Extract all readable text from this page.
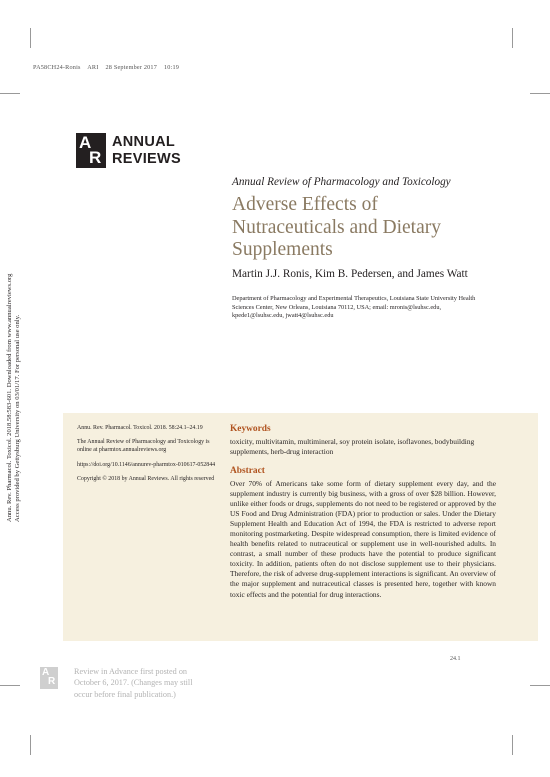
PA58CH24-Ronis    ARI    28 September 2017    10:19
A
R
ANNUAL
REVIEWS
Annual Review of Pharmacology and Toxicology
Adverse Effects of Nutraceuticals and Dietary Supplements
Martin J.J. Ronis, Kim B. Pedersen, and James Watt
Department of Pharmacology and Experimental Therapeutics, Louisiana State University Health Sciences Center, New Orleans, Louisiana 70112, USA; email: mronis@lsuhsc.edu, kpede1@lsuhsc.edu, jwatt4@lsuhsc.edu
Annu. Rev. Pharmacol. Toxicol. 2018.58:583-601. Downloaded from www.annualreviews.org Access provided by Gettysburg University on 03/01/17. For personal use only.	Annu. Rev. Pharmacol. Toxicol. 2018. 58:24.1–24.19

The Annual Review of Pharmacology and Toxicology is online at pharmtox.annualreviews.org

https://doi.org/10.1146/annurev-pharmtox-010617-052844

Copyright © 2018 by Annual Reviews. All rights reserved

Keywords
toxicity, multivitamin, multimineral, soy protein isolate, isoflavones, bodybuilding supplements, herb-drug interaction
Abstract
Over 70% of Americans take some form of dietary supplement every day, and the supplement industry is currently big business, with a gross of over $28 billion. However, unlike either foods or drugs, supplements do not need to be registered or approved by the US Food and Drug Administration (FDA) prior to production or sales. Under the Dietary Supplement Health and Education Act of 1994, the FDA is restricted to adverse report monitoring postmarketing. Despite widespread consumption, there is limited evidence of health benefits related to nutraceutical or supplement use in well-nourished adults. In contrast, a small number of these products have the potential to produce significant toxicity. In addition, patients often do not disclose supplement use to their physicians. Therefore, the risk of adverse drug-supplement interactions is significant. An overview of the major supplement and nutraceutical classes is presented here, together with known toxic effects and the potential for drug interactions.
24.1
A
R
Review in Advance first posted on October 6, 2017. (Changes may still occur before final publication.)
